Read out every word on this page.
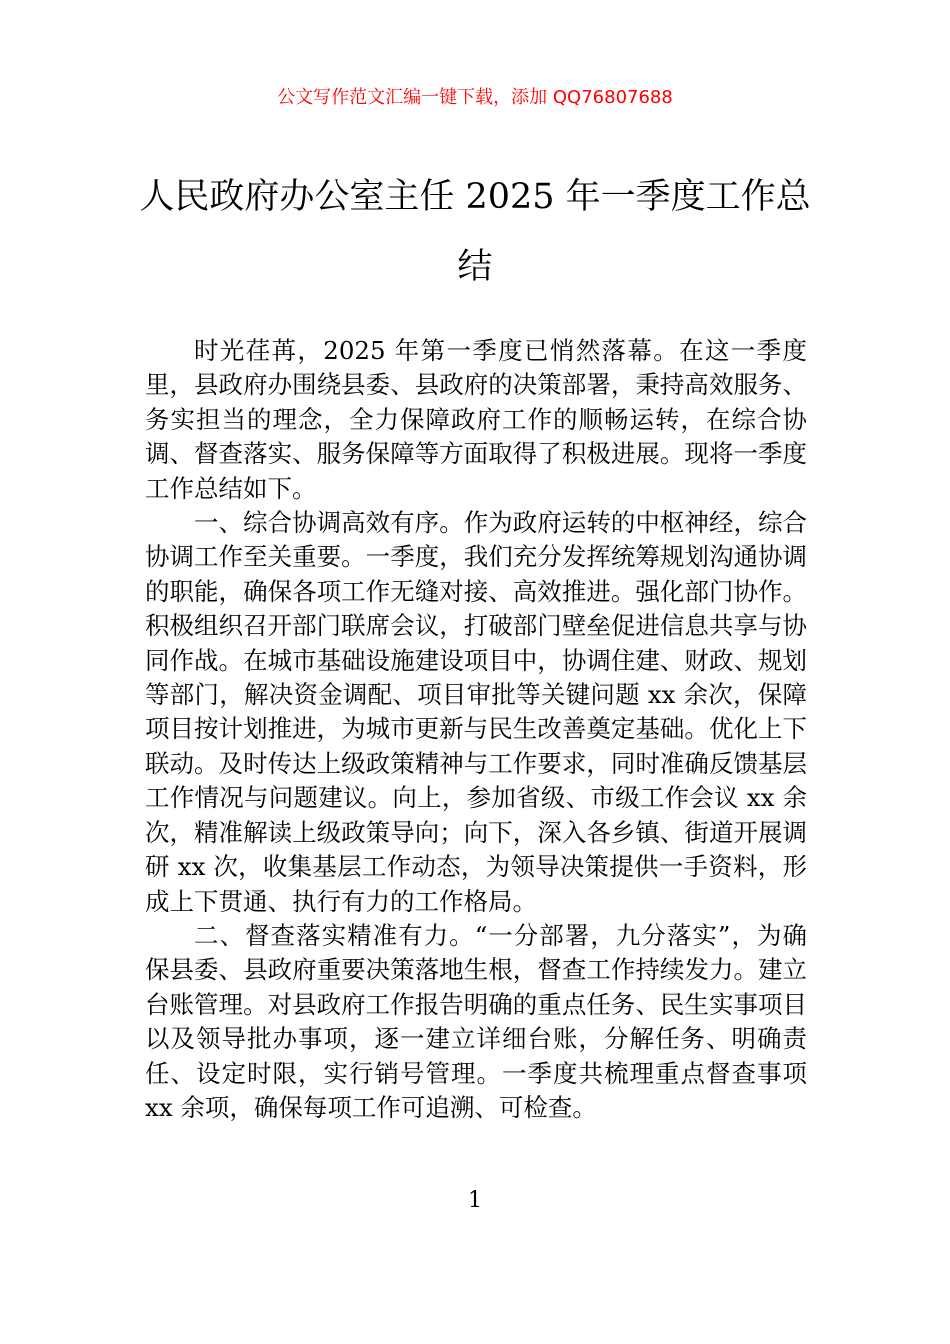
公文写作范文汇编一键下载，添加 QQ76807688
人民政府办公室主任 2025 年一季度工作总结

时光荏苒，2025 年第一季度已悄然落幕。在这一季度里，县政府办围绕县委、县政府的决策部署，秉持高效服务、务实担当的理念，全力保障政府工作的顺畅运转，在综合协调、督查落实、服务保障等方面取得了积极进展。现将一季度工作总结如下。

一、综合协调高效有序。作为政府运转的中枢神经，综合协调工作至关重要。一季度，我们充分发挥统筹规划沟通协调的职能，确保各项工作无缝对接、高效推进。强化部门协作。积极组织召开部门联席会议，打破部门壁垒促进信息共享与协同作战。在城市基础设施建设项目中，协调住建、财政、规划等部门，解决资金调配、项目审批等关键问题 xx 余次，保障项目按计划推进，为城市更新与民生改善奠定基础。优化上下联动。及时传达上级政策精神与工作要求，同时准确反馈基层工作情况与问题建议。向上，参加省级、市级工作会议 xx 余次，精准解读上级政策导向；向下，深入各乡镇、街道开展调研 xx 次，收集基层工作动态，为领导决策提供一手资料，形成上下贯通、执行有力的工作格局。

二、督查落实精准有力。“一分部署，九分落实”，为确保县委、县政府重要决策落地生根，督查工作持续发力。建立台账管理。对县政府工作报告明确的重点任务、民生实事项目以及领导批办事项，逐一建立详细台账，分解任务、明确责任、设定时限，实行销号管理。一季度共梳理重点督查事项 xx 余项，确保每项工作可追溯、可检查。

1
